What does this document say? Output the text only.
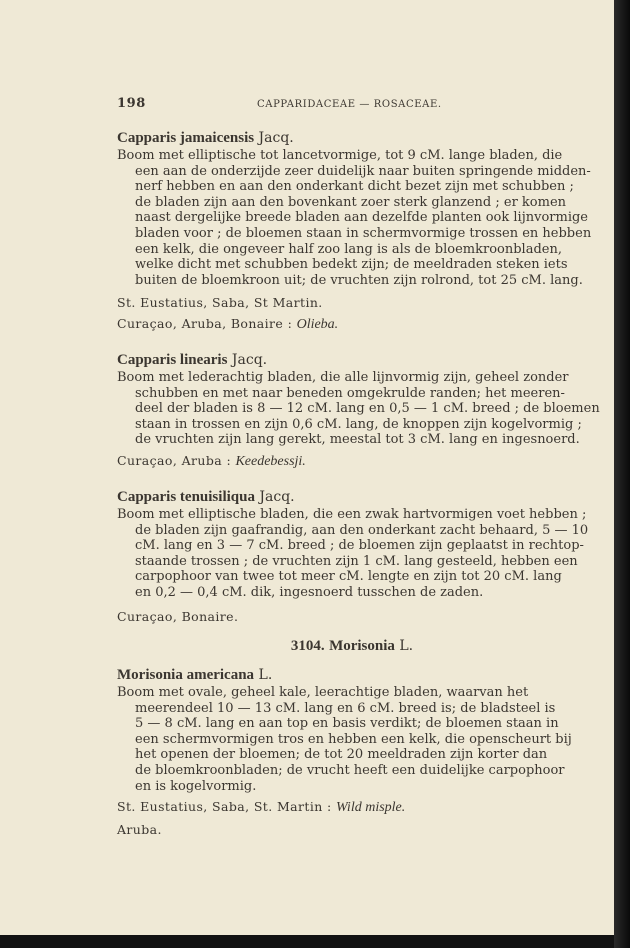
198	CAPPARIDACEAE — ROSACEAE.
Capparis jamaicensis Jacq.
Boom met elliptische tot lancetvormige, tot 9 cM. lange bladen, die
een aan de onderzijde zeer duidelijk naar buiten springende midden-
nerf hebben en aan den onderkant dicht bezet zijn met schubben ;
de bladen zijn aan den bovenkant zoer sterk glanzend ; er komen
naast dergelijke breede bladen aan dezelfde planten ook lijnvormige
bladen voor ; de bloemen staan in schermvormige trossen en hebben
een kelk, die ongeveer half zoo lang is als de bloemkroonbladen,
welke dicht met schubben bedekt zijn; de meeldraden steken iets
buiten de bloemkroon uit; de vruchten zijn rolrond, tot 25 cM. lang.
St. Eustatius, Saba, St Martin.
Curaçao, Aruba, Bonaire : Olieba.
Capparis linearis Jacq.
Boom met lederachtig bladen, die alle lijnvormig zijn, geheel zonder
schubben en met naar beneden omgekrulde randen; het meeren-
deel der bladen is 8 — 12 cM. lang en 0,5 — 1 cM. breed ; de bloemen
staan in trossen en zijn 0,6 cM. lang, de knoppen zijn kogelvormig ;
de vruchten zijn lang gerekt, meestal tot 3 cM. lang en ingesnoerd.
Curaçao, Aruba : Keedebessji.
Capparis tenuisiliqua Jacq.
Boom met elliptische bladen, die een zwak hartvormigen voet hebben ;
de bladen zijn gaafrandig, aan den onderkant zacht behaard, 5 — 10
cM. lang en 3 — 7 cM. breed ; de bloemen zijn geplaatst in rechtop-
staande trossen ; de vruchten zijn 1 cM. lang gesteeld, hebben een
carpophoor van twee tot meer cM. lengte en zijn tot 20 cM. lang
en 0,2 — 0,4 cM. dik, ingesnoerd tusschen de zaden.
Curaçao, Bonaire.
3104. Morisonia L.
Morisonia americana L.
Boom met ovale, geheel kale, leerachtige bladen, waarvan het
meerendeel 10 — 13 cM. lang en 6 cM. breed is; de bladsteel is
5 — 8 cM. lang en aan top en basis verdikt; de bloemen staan in
een schermvormigen tros en hebben een kelk, die openscheurt bij
het openen der bloemen; de tot 20 meeldraden zijn korter dan
de bloemkroonbladen; de vrucht heeft een duidelijke carpophoor
en is kogelvormig.
St. Eustatius, Saba, St. Martin : Wild misple.
Aruba.
